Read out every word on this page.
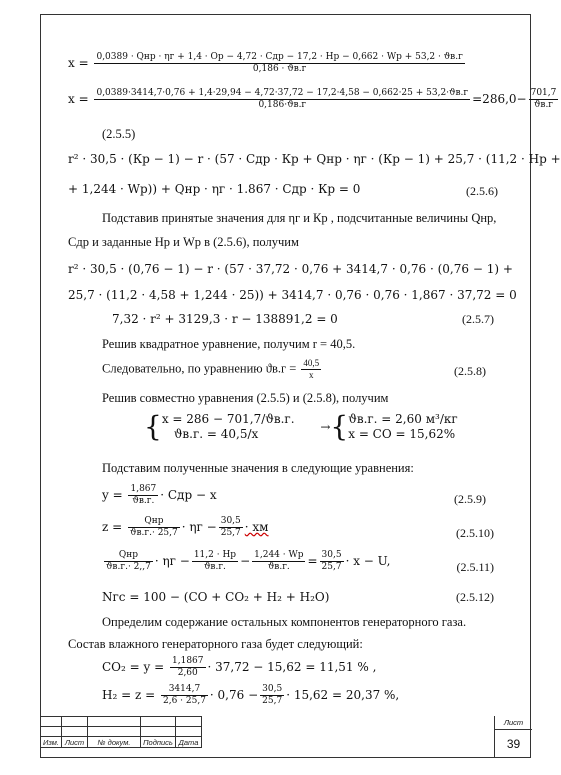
x = 0,0389 · Qнр · ηг + 1,4 · Ор − 4,72 · Сдр − 17,2 · Нр − 0,662 · Wр + 53,2 · ϑв.г
0,186 · ϑв.г
x = 0,0389·3414,7·0,76 + 1,4·29,94 − 4,72·37,72 − 17,2·4,58 − 0,662·25 + 53,2·ϑв.г
0,186·ϑв.г	$=286,0- \frac{701,7}{ϑв.г}$
(2.5.5)
r² · 30,5 · (Кр − 1) − r · (57 · Сдр · Кр + Qнр · ηг · (Кр − 1) + 25,7 · (11,2 · Нр +
+ 1,244 · Wр)) + Qнр · ηг · 1.867 · Сдр · Кр = 0	(2.5.6)
Подставив принятые значения для ηг и Кр , подсчитанные величины Qнр,
Сдр и заданные Нр и Wр в (2.5.6), получим
r² · 30,5 · (0,76 − 1) − r · (57 · 37,72 · 0,76 + 3414,7 · 0,76 · (0,76 − 1) +
25,7 · (11,2 · 4,58 + 1,244 · 25)) + 3414,7 · 0,76 · 0,76 · 1,867 · 37,72 = 0
7,32 · r² + 3129,3 · r − 138891,2 = 0	(2.5.7)
Решив квадратное уравнение, получим r = 40,5.
Следовательно, по уравнению $ϑв.г = \frac{40,5}{x}$	(2.5.8)
Решив совместно уравнения (2.5.5) и (2.5.8), получим
{ x = 286 − 701,7/ϑв.г.
ϑв.г. = 40,5/x
→{ ϑв.г. = 2,60 м³/кг
x = CO = 15,62%
Подставим полученные значения в следующие уравнения:
$y = \frac{1,867}{ϑв.г.}$ · Сдр − x	(2.5.9)
$z = \frac{\text{Qнр}}{ϑв.г.\cdot 25,7} \cdot \eta г - \frac{30,5}{25,7}$ · xм	(2.5.10)
$\frac{\text{Qнр}}{ϑв.г.\cdot 2,,7} \cdot \eta г - \frac{11,2 \cdot Нр}{ϑв.г.} - \frac{1,244 \cdot Wр}{ϑв.г.} = \frac{30,5}{25,7} \cdot x - U$,	(2.5.11)
Nгс = 100 − (CO + CO₂ + H₂ + H₂O)	(2.5.12)
Определим содержание остальных компонентов генераторного газа.
Состав влажного генераторного газа будет следующий:
$CO_2 = y = \frac{1,1867}{2,60} \cdot 37,72 - 15,62 = 11,51$ % ,
$H_2 = z = \frac{3414,7}{2,6 \cdot 25,7} \cdot 0,76 - \frac{30,5}{25,7} \cdot 15,62 = 20,37$ %,

Изм.	Лист	№ докум.	Подпись	Дата	
Лист
39
